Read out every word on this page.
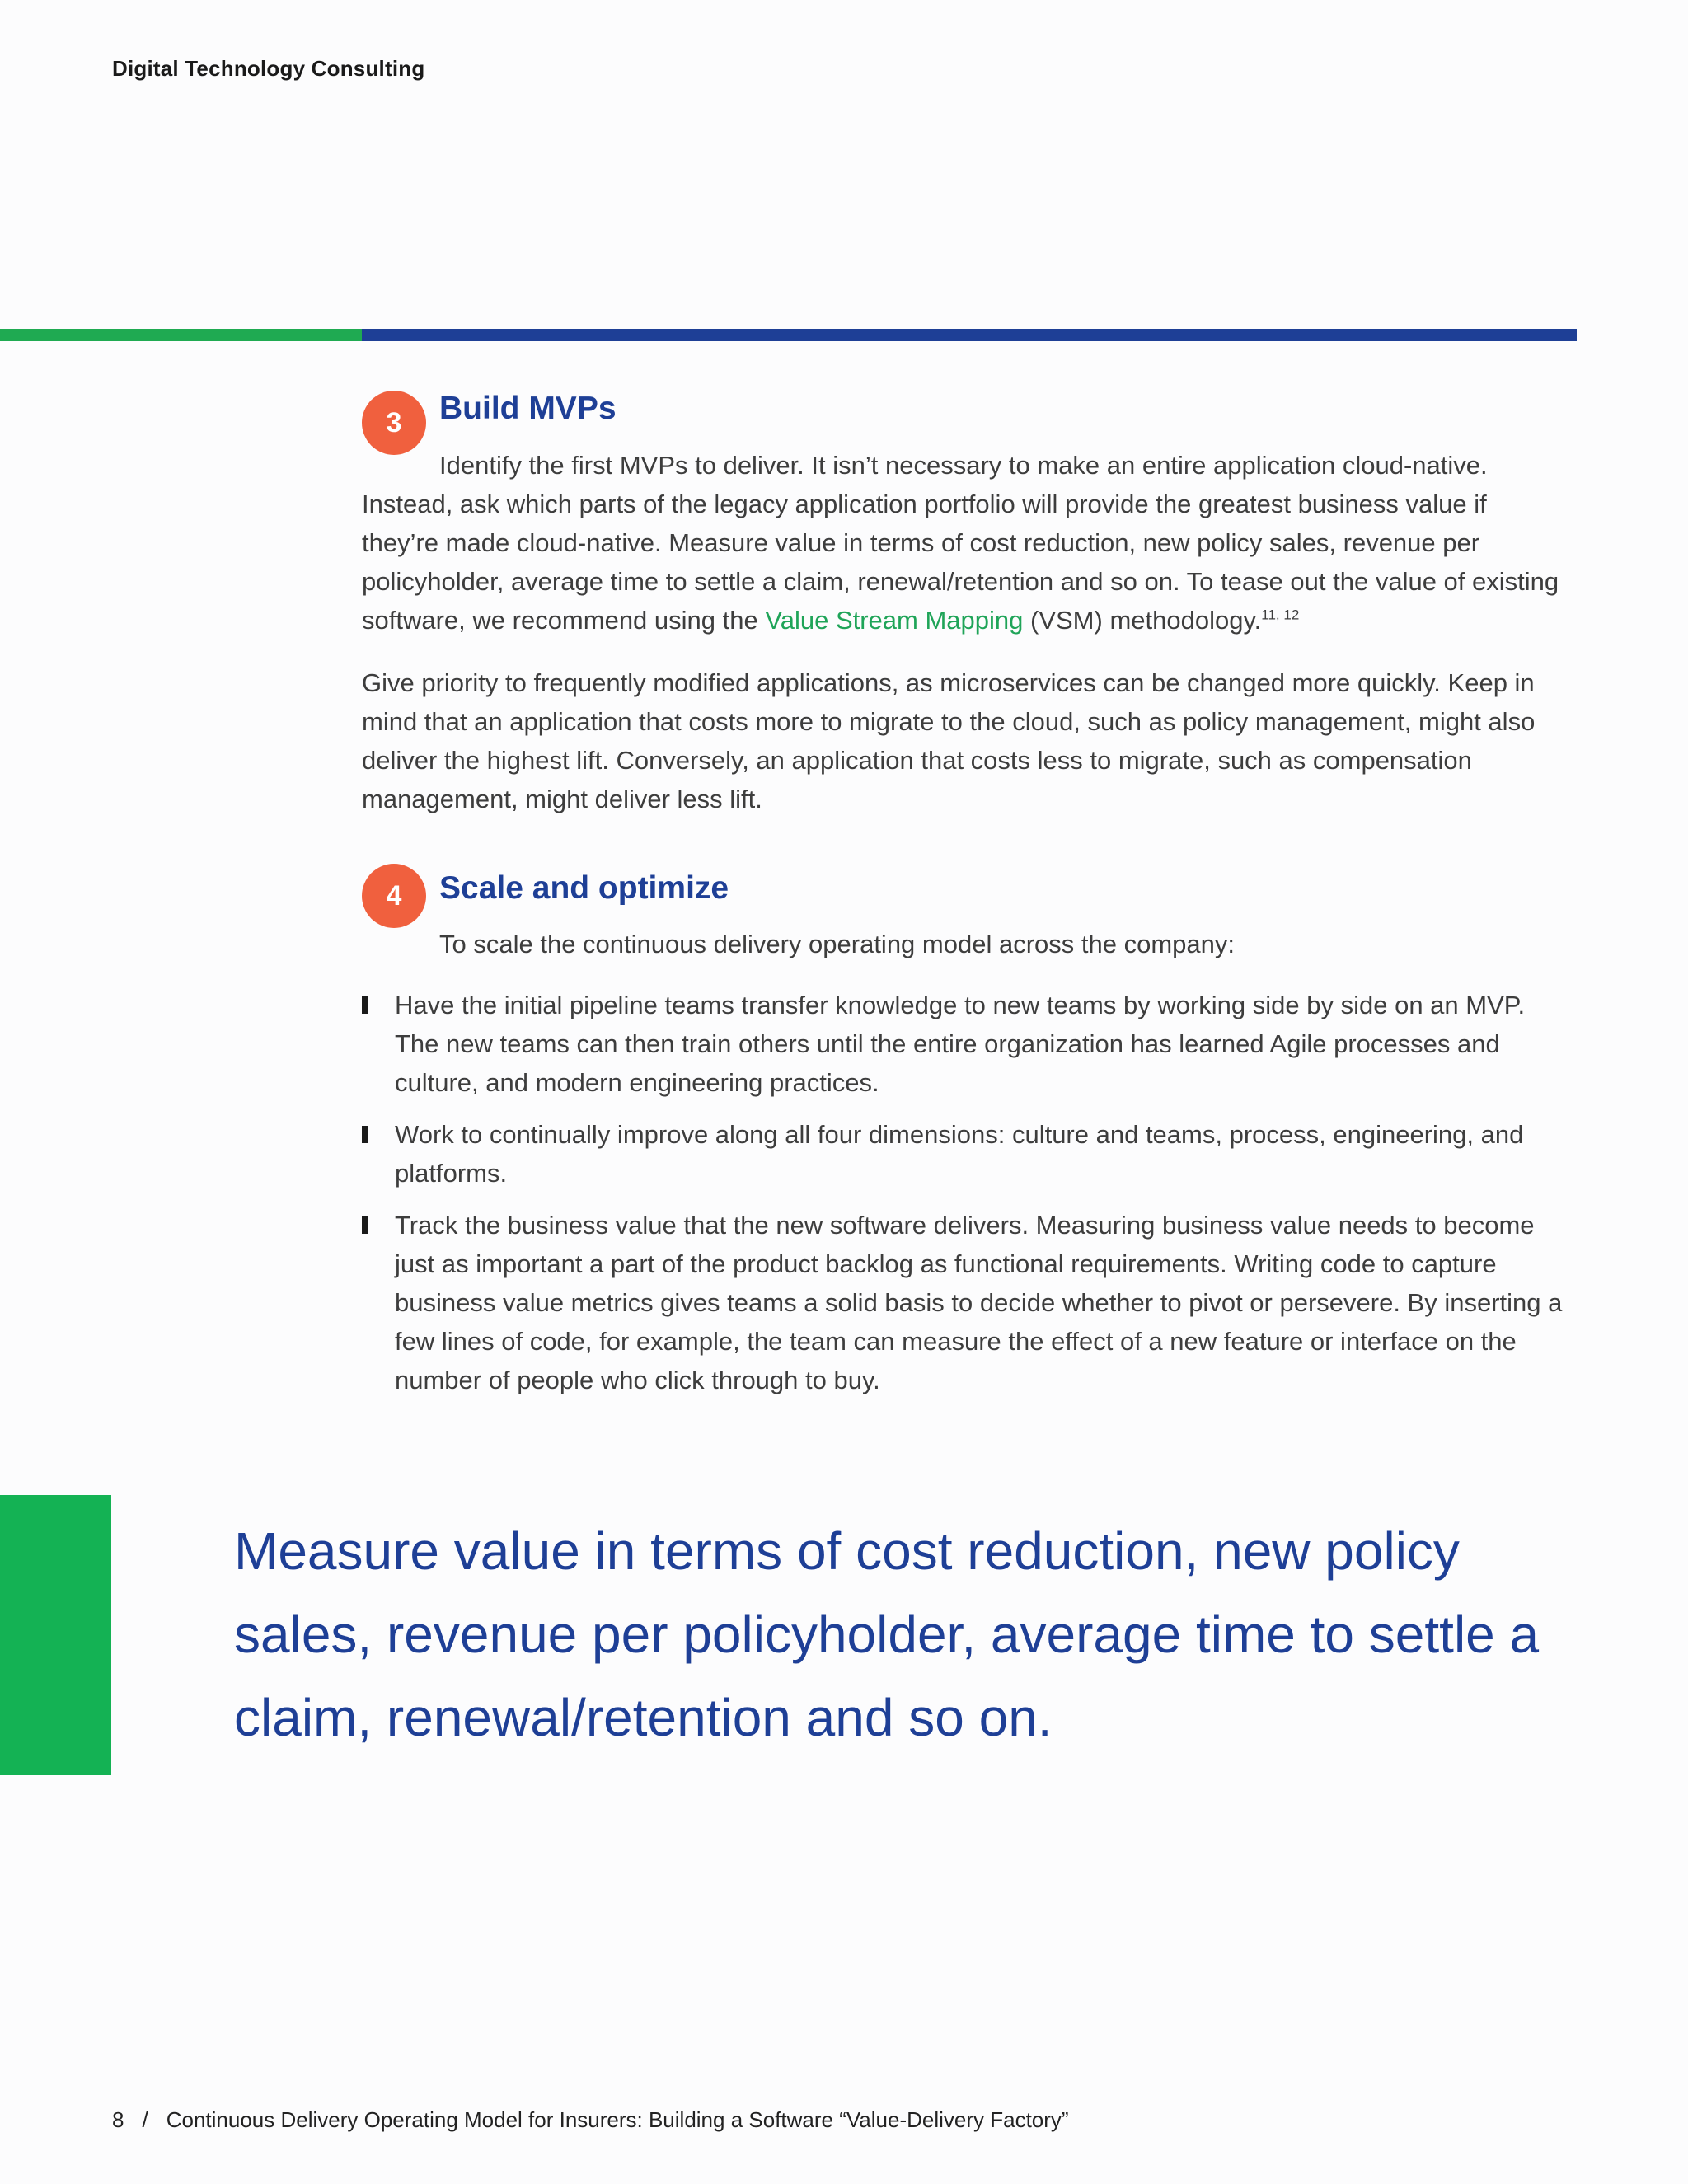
Digital Technology Consulting
3	Build MVPs

Identify the first MVPs to deliver. It isn’t necessary to make an entire application cloud-native. Instead, ask which parts of the legacy application portfolio will provide the greatest business value if they’re made cloud-native. Measure value in terms of cost reduction, new policy sales, revenue per policyholder, average time to settle a claim, renewal/retention and so on. To tease out the value of existing software, we recommend using the Value Stream Mapping (VSM) methodology.$^{11, 12}$

Give priority to frequently modified applications, as microservices can be changed more quickly. Keep in mind that an application that costs more to migrate to the cloud, such as policy management, might also deliver the highest lift. Conversely, an application that costs less to migrate, such as compensation management, might deliver less lift.

4	Scale and optimize

To scale the continuous delivery operating model across the company:

Have the initial pipeline teams transfer knowledge to new teams by working side by side on an MVP. The new teams can then train others until the entire organization has learned Agile processes and culture, and modern engineering practices.
Work to continually improve along all four dimensions: culture and teams, process, engineering, and platforms.
Track the business value that the new software delivers. Measuring business value needs to become just as important a part of the product backlog as functional requirements. Writing code to capture business value metrics gives teams a solid basis to decide whether to pivot or persevere. By inserting a few lines of code, for example, the team can measure the effect of a new feature or interface on the number of people who click through to buy.

Measure value in terms of cost reduction, new policy sales, revenue per policyholder, average time to settle a claim, renewal/retention and so on.

8 / Continuous Delivery Operating Model for Insurers: Building a Software “Value-Delivery Factory”
